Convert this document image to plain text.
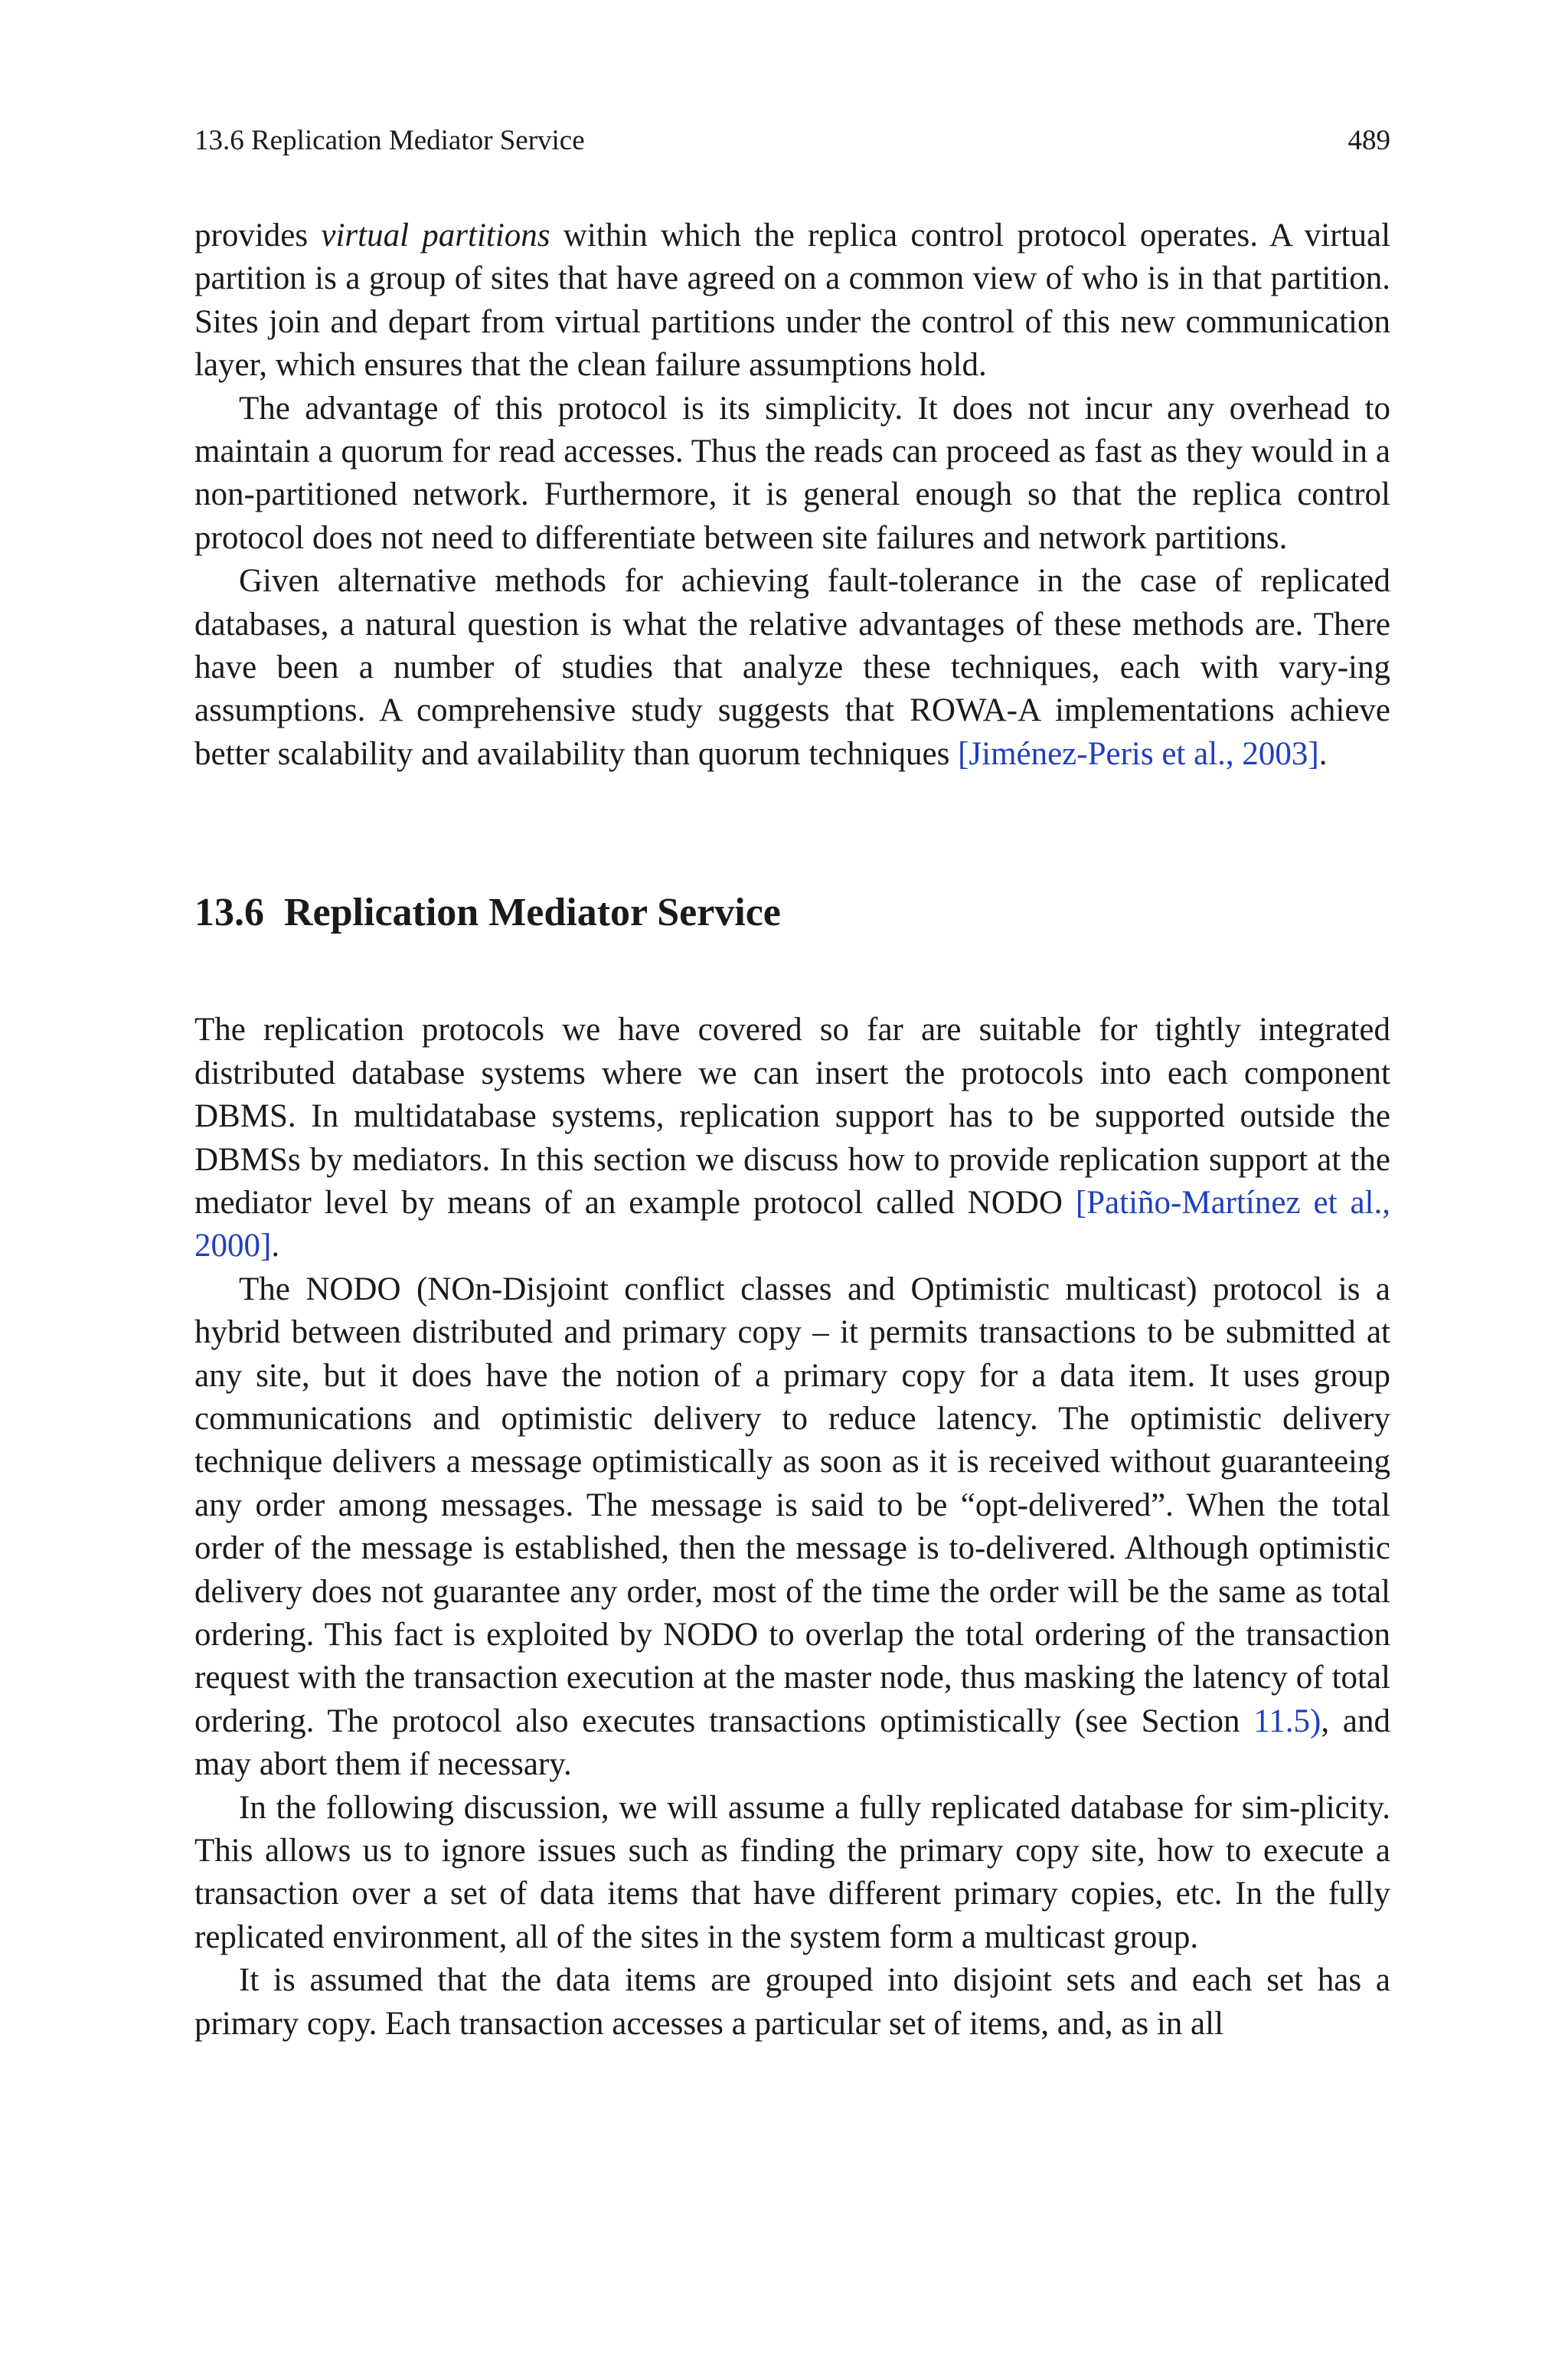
13.6 Replication Mediator Service	489

provides virtual partitions within which the replica control protocol operates. A virtual partition is a group of sites that have agreed on a common view of who is in that partition. Sites join and depart from virtual partitions under the control of this new communication layer, which ensures that the clean failure assumptions hold.

The advantage of this protocol is its simplicity. It does not incur any overhead to maintain a quorum for read accesses. Thus the reads can proceed as fast as they would in a non-partitioned network. Furthermore, it is general enough so that the replica control protocol does not need to differentiate between site failures and network partitions.

Given alternative methods for achieving fault-tolerance in the case of replicated databases, a natural question is what the relative advantages of these methods are. There have been a number of studies that analyze these techniques, each with vary-ing assumptions. A comprehensive study suggests that ROWA-A implementations achieve better scalability and availability than quorum techniques [Jiménez-Peris et al., 2003].

13.6 Replication Mediator Service

The replication protocols we have covered so far are suitable for tightly integrated distributed database systems where we can insert the protocols into each component DBMS. In multidatabase systems, replication support has to be supported outside the DBMSs by mediators. In this section we discuss how to provide replication support at the mediator level by means of an example protocol called NODO [Patiño-Martínez et al., 2000].

The NODO (NOn-Disjoint conflict classes and Optimistic multicast) protocol is a hybrid between distributed and primary copy – it permits transactions to be submitted at any site, but it does have the notion of a primary copy for a data item. It uses group communications and optimistic delivery to reduce latency. The optimistic delivery technique delivers a message optimistically as soon as it is received without guaranteeing any order among messages. The message is said to be “opt-delivered”. When the total order of the message is established, then the message is to-delivered. Although optimistic delivery does not guarantee any order, most of the time the order will be the same as total ordering. This fact is exploited by NODO to overlap the total ordering of the transaction request with the transaction execution at the master node, thus masking the latency of total ordering. The protocol also executes transactions optimistically (see Section 11.5), and may abort them if necessary.

In the following discussion, we will assume a fully replicated database for sim-plicity. This allows us to ignore issues such as finding the primary copy site, how to execute a transaction over a set of data items that have different primary copies, etc. In the fully replicated environment, all of the sites in the system form a multicast group.

It is assumed that the data items are grouped into disjoint sets and each set has a primary copy. Each transaction accesses a particular set of items, and, as in all
